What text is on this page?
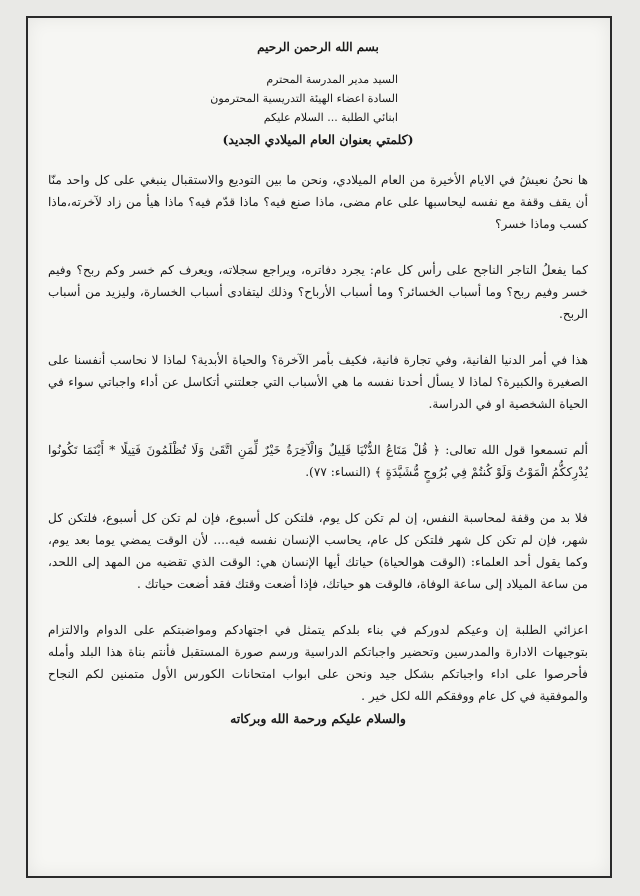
بسم الله الرحمن الرحيم

السيد مدير المدرسة المحترم

السادة اعضاء الهيئة التدريسية المحترمون

ابنائي الطلبة ... السلام عليكم

(كلمتي بعنوان العام الميلادي الجديد)

ها نحنُ نعيشُ في الايام الأخيرة من العام الميلادي، ونحن ما بين التوديع والاستقبال ينبغي على كل واحد منّا أن يقف وقفة مع نفسه ليحاسبها على عام مضى، ماذا صنع فيه؟ ماذا قدّم فيه؟ ماذا هيأ من زاد لآخرته،ماذا كسب وماذا خسر؟

كما يفعلُ التاجر الناجح على رأس كل عام: يجرد دفاتره، ويراجع سجلاته، ويعرف كم خسر وكم ربح؟ وفيم خسر وفيم ربح؟ وما أسباب الخسائر؟ وما أسباب الأرباح؟ وذلك ليتفادى أسباب الخسارة، وليزيد من أسباب الربح.

هذا في أمر الدنيا الفانية، وفي تجارة فانية، فكيف بأمر الآخرة؟ والحياة الأبدية؟ لماذا لا نحاسب أنفسنا على الصغيرة والكبيرة؟ لماذا لا يسأل أحدنا نفسه ما هي الأسباب التي جعلتني أتكاسل عن أداء واجباتي سواء في الحياة الشخصية او في الدراسة.

ألم تسمعوا قول الله تعالى: ﴿ قُلْ مَتَاعُ الدُّنْيَا قَلِيلٌ وَالْآخِرَةُ خَيْرٌ لِّمَنِ اتَّقَىٰ وَلَا تُظْلَمُونَ فَتِيلًا * أَيْنَمَا تَكُونُوا يُدْرِككُّمُ الْمَوْتُ وَلَوْ كُنتُمْ فِي بُرُوجٍ مُّشَيَّدَةٍ ﴾ (النساء: ٧٧).

فلا بد من وقفة لمحاسبة النفس، إن لم تكن كل يوم، فلتكن كل أسبوع، فإن لم تكن كل أسبوع، فلتكن كل شهر، فإن لم تكن كل شهر فلتكن كل عام، يحاسب الإنسان نفسه فيه.... لأن الوقت يمضي يوما بعد يوم، وكما يقول أحد العلماء: (الوقت هوالحياة) حياتك أيها الإنسان هي: الوقت الذي تقضيه من المهد إلى اللحد، من ساعة الميلاد إلى ساعة الوفاة، فالوقت هو حياتك، فإذا أضعت وقتك فقد أضعت حياتك .

اعزائي الطلبة إن وعيكم لدوركم في بناء بلدكم يتمثل في اجتهادكم ومواضبتكم على الدوام والالتزام بتوجيهات الادارة والمدرسين وتحضير واجباتكم الدراسية ورسم صورة المستقبل فأنتم بناة هذا البلد وأمله فأحرصوا على اداء واجباتكم بشكل جيد ونحن على ابواب امتحانات الكورس الأول متمنين لكم النجاح والموفقية في كل عام ووفقكم الله لكل خير .

والسلام عليكم ورحمة الله وبركاته
